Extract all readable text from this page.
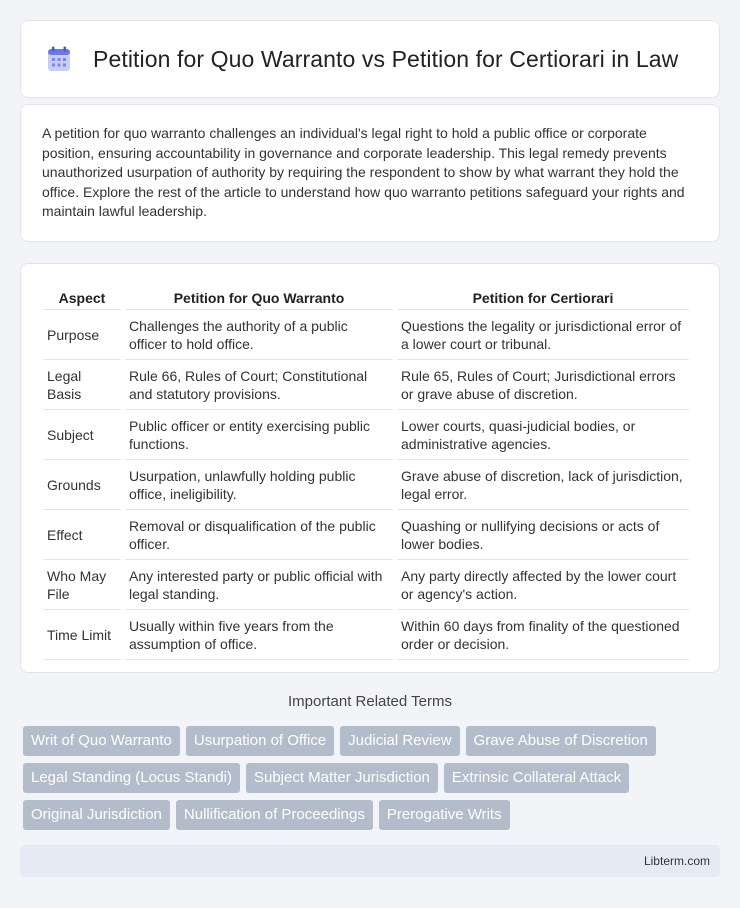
Petition for Quo Warranto vs Petition for Certiorari in Law

A petition for quo warranto challenges an individual's legal right to hold a public office or corporate position, ensuring accountability in governance and corporate leadership. This legal remedy prevents unauthorized usurpation of authority by requiring the respondent to show by what warrant they hold the office. Explore the rest of the article to understand how quo warranto petitions safeguard your rights and maintain lawful leadership.

Aspect	Petition for Quo Warranto	Petition for Certiorari
Purpose	Challenges the authority of a public officer to hold office.	Questions the legality or jurisdictional error of a lower court or tribunal.
Legal Basis	Rule 66, Rules of Court; Constitutional and statutory provisions.	Rule 65, Rules of Court; Jurisdictional errors or grave abuse of discretion.
Subject	Public officer or entity exercising public functions.	Lower courts, quasi-judicial bodies, or administrative agencies.
Grounds	Usurpation, unlawfully holding public office, ineligibility.	Grave abuse of discretion, lack of jurisdiction, legal error.
Effect	Removal or disqualification of the public officer.	Quashing or nullifying decisions or acts of lower bodies.
Who May File	Any interested party or public official with legal standing.	Any party directly affected by the lower court or agency's action.
Time Limit	Usually within five years from the assumption of office.	Within 60 days from finality of the questioned order or decision.
Important Related Terms
Writ of Quo Warranto	Usurpation of Office	Judicial Review	Grave Abuse of Discretion
Legal Standing (Locus Standi)	Subject Matter Jurisdiction	Extrinsic Collateral Attack
Original Jurisdiction	Nullification of Proceedings	Prerogative Writs
Libterm.com
